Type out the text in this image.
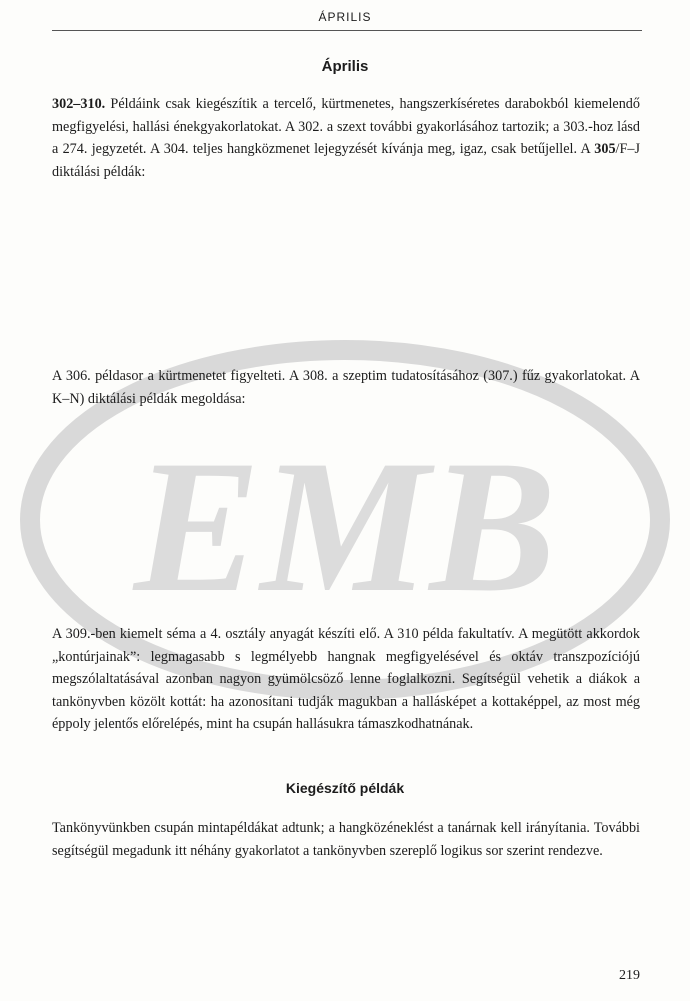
EMB
ÁPRILIS
Április

302–310. Példáink csak kiegészítik a tercelő, kürtmenetes, hangszerkíséretes darabokból kiemelendő megfigyelési, hallási énekgyakorlatokat. A 302. a szext további gyakorlásához tartozik; a 303.-hoz lásd a 274. jegyzetét. A 304. teljes hangközmenet lejegyzését kívánja meg, igaz, csak betűjellel. A 305/F–J diktálási példák:

A 306. példasor a kürtmenetet figyelteti. A 308. a szeptim tudatosításához (307.) fűz gyakorlatokat. A K–N) diktálási példák megoldása:

A 309.-ben kiemelt séma a 4. osztály anyagát készíti elő. A 310 példa fakultatív. A megütött akkordok „kontúrjainak”: legmagasabb s legmélyebb hangnak megfigyelésével és oktáv transzpozíciójú megszólaltatásával azonban nagyon gyümölcsöző lenne foglalkozni. Segítségül vehetik a diákok a tankönyvben közölt kottát: ha azonosítani tudják magukban a hallásképet a kottaképpel, az most még éppoly jelentős előrelépés, mint ha csupán hallásukra támaszkodhatnának.

Kiegészítő példák

Tankönyvünkben csupán mintapéldákat adtunk; a hangközéneklést a tanárnak kell irányítania. További segítségül megadunk itt néhány gyakorlatot a tankönyvben szereplő logikus sor szerint rendezve.

219
